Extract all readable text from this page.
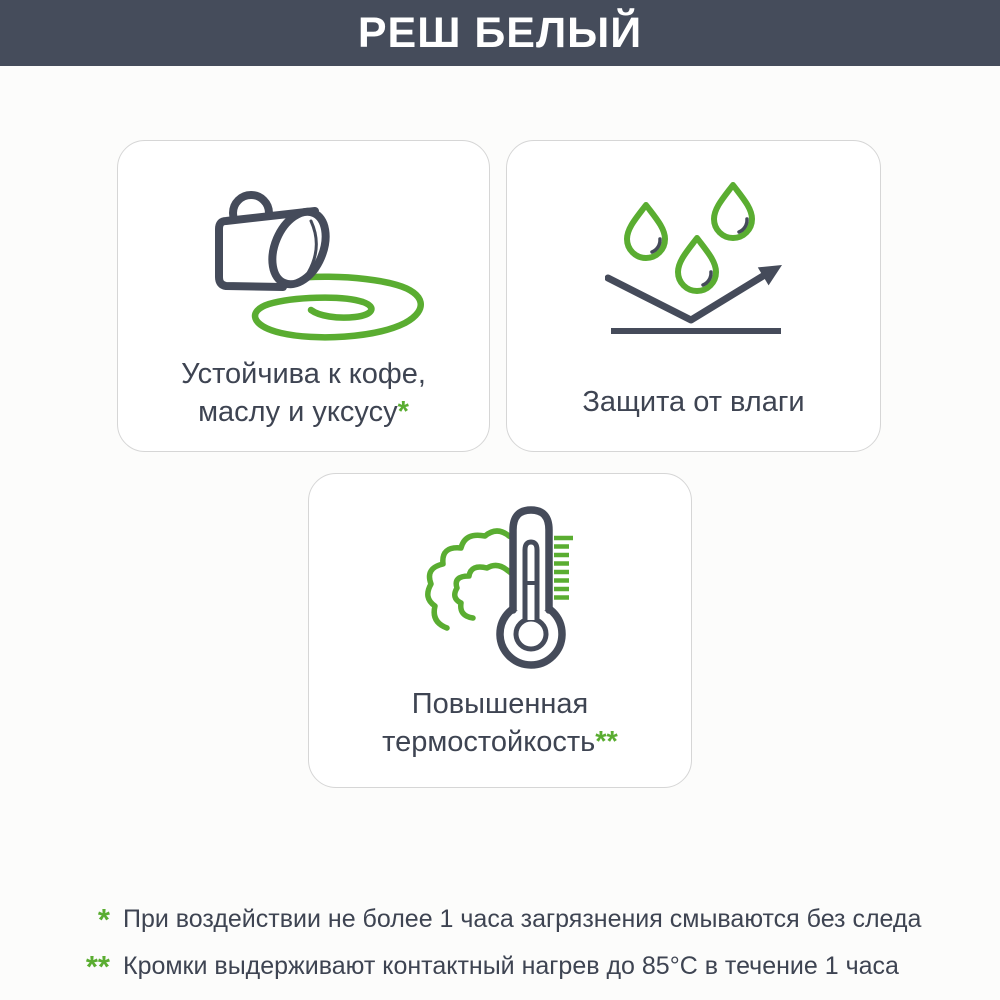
РЕШ БЕЛЫЙ

Устойчива к кофе,
маслу и уксусу*	Защита от влаги

Повышенная
термостойкость**

* При воздействии не более 1 часа загрязнения смываются без следа
** Кромки выдерживают контактный нагрев до 85°С в течение 1 часа
